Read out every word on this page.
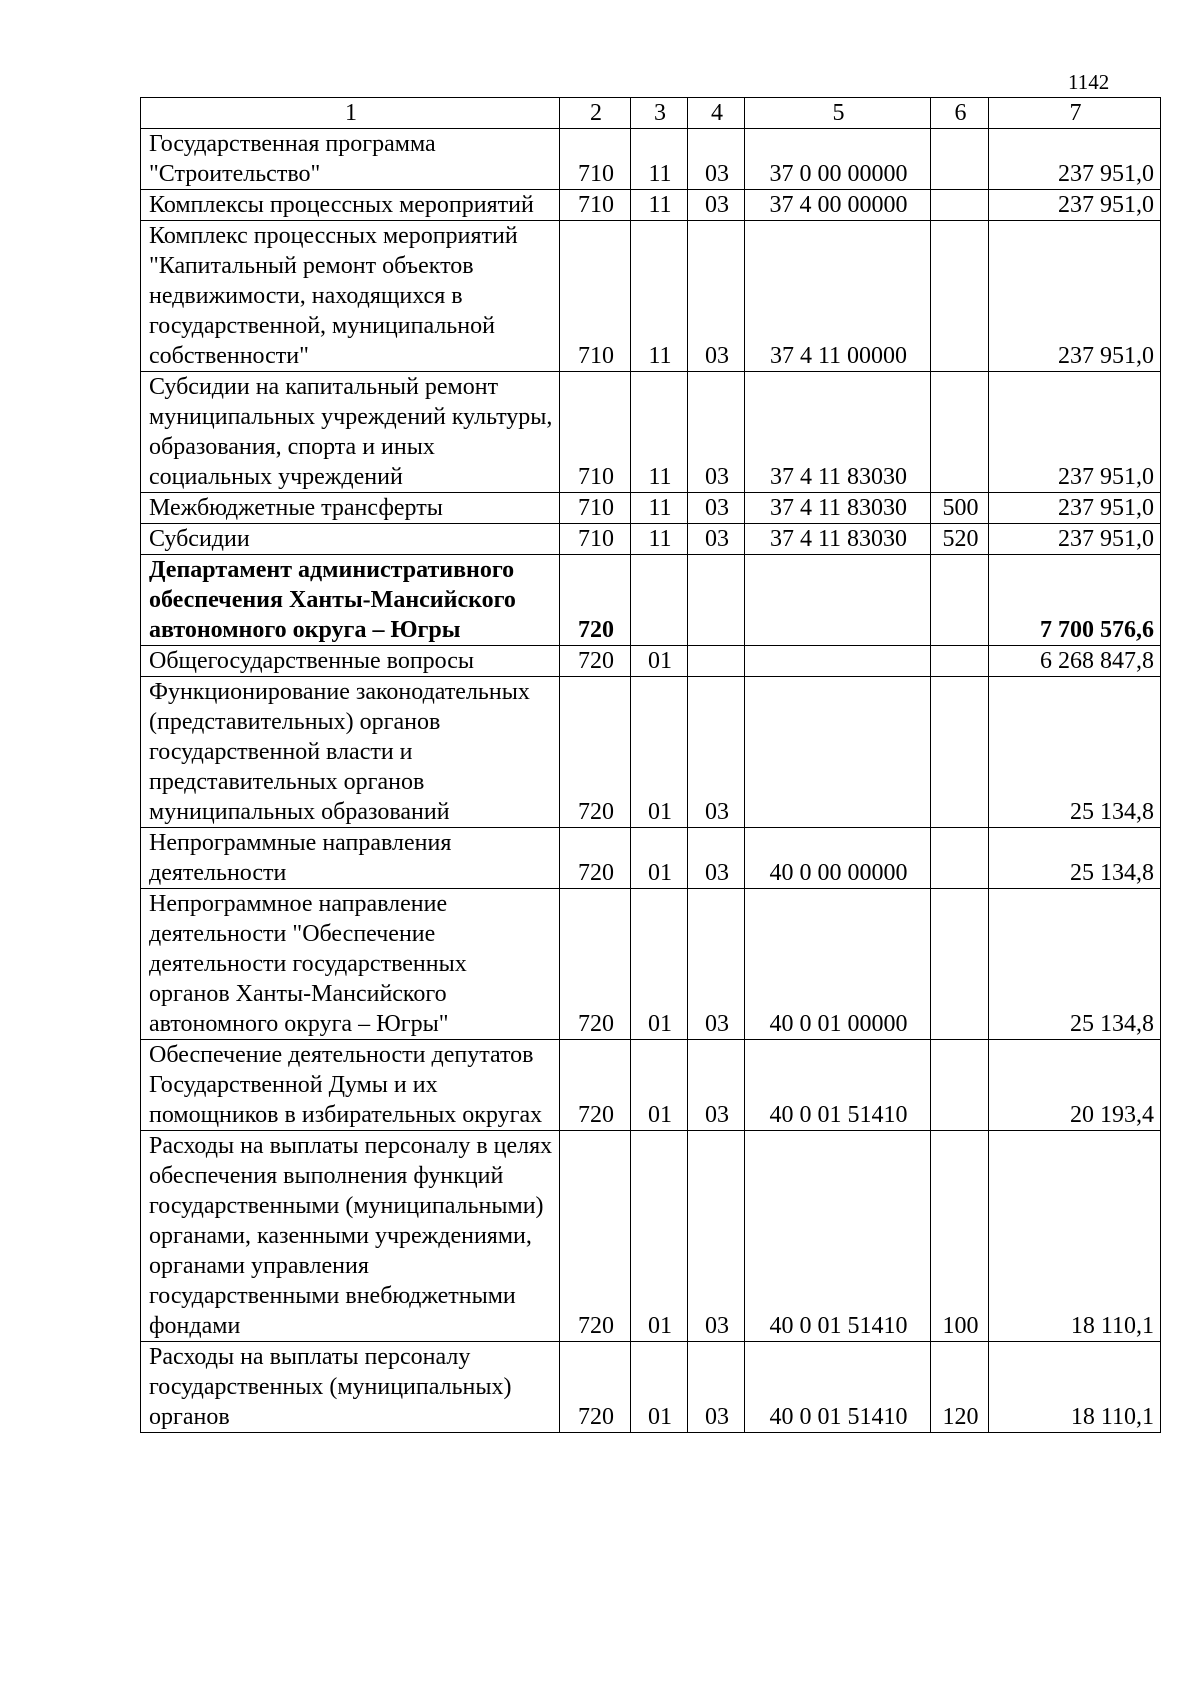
1142
1	2	3	4	5	6	7
Государственная программа "Строительство"	710	11	03	37 0 00 00000		237 951,0
Комплексы процессных мероприятий	710	11	03	37 4 00 00000		237 951,0
Комплекс процессных мероприятий "Капитальный ремонт объектов недвижимости, находящихся в государственной, муниципальной собственности"	710	11	03	37 4 11 00000		237 951,0
Субсидии на капитальный ремонт муниципальных учреждений культуры, образования, спорта и иных социальных учреждений	710	11	03	37 4 11 83030		237 951,0
Межбюджетные трансферты	710	11	03	37 4 11 83030	500	237 951,0
Субсидии	710	11	03	37 4 11 83030	520	237 951,0
Департамент административного обеспечения Ханты-Мансийского автономного округа – Югры	720					7 700 576,6
Общегосударственные вопросы	720	01				6 268 847,8
Функционирование законодательных (представительных) органов государственной власти и представительных органов муниципальных образований	720	01	03			25 134,8
Непрограммные направления деятельности	720	01	03	40 0 00 00000		25 134,8
Непрограммное направление деятельности "Обеспечение деятельности государственных органов Ханты-Мансийского автономного округа – Югры"	720	01	03	40 0 01 00000		25 134,8
Обеспечение деятельности депутатов Государственной Думы и их помощников в избирательных округах	720	01	03	40 0 01 51410		20 193,4
Расходы на выплаты персоналу в целях обеспечения выполнения функций государственными (муниципальными) органами, казенными учреждениями, органами управления государственными внебюджетными фондами	720	01	03	40 0 01 51410	100	18 110,1
Расходы на выплаты персоналу государственных (муниципальных) органов	720	01	03	40 0 01 51410	120	18 110,1
